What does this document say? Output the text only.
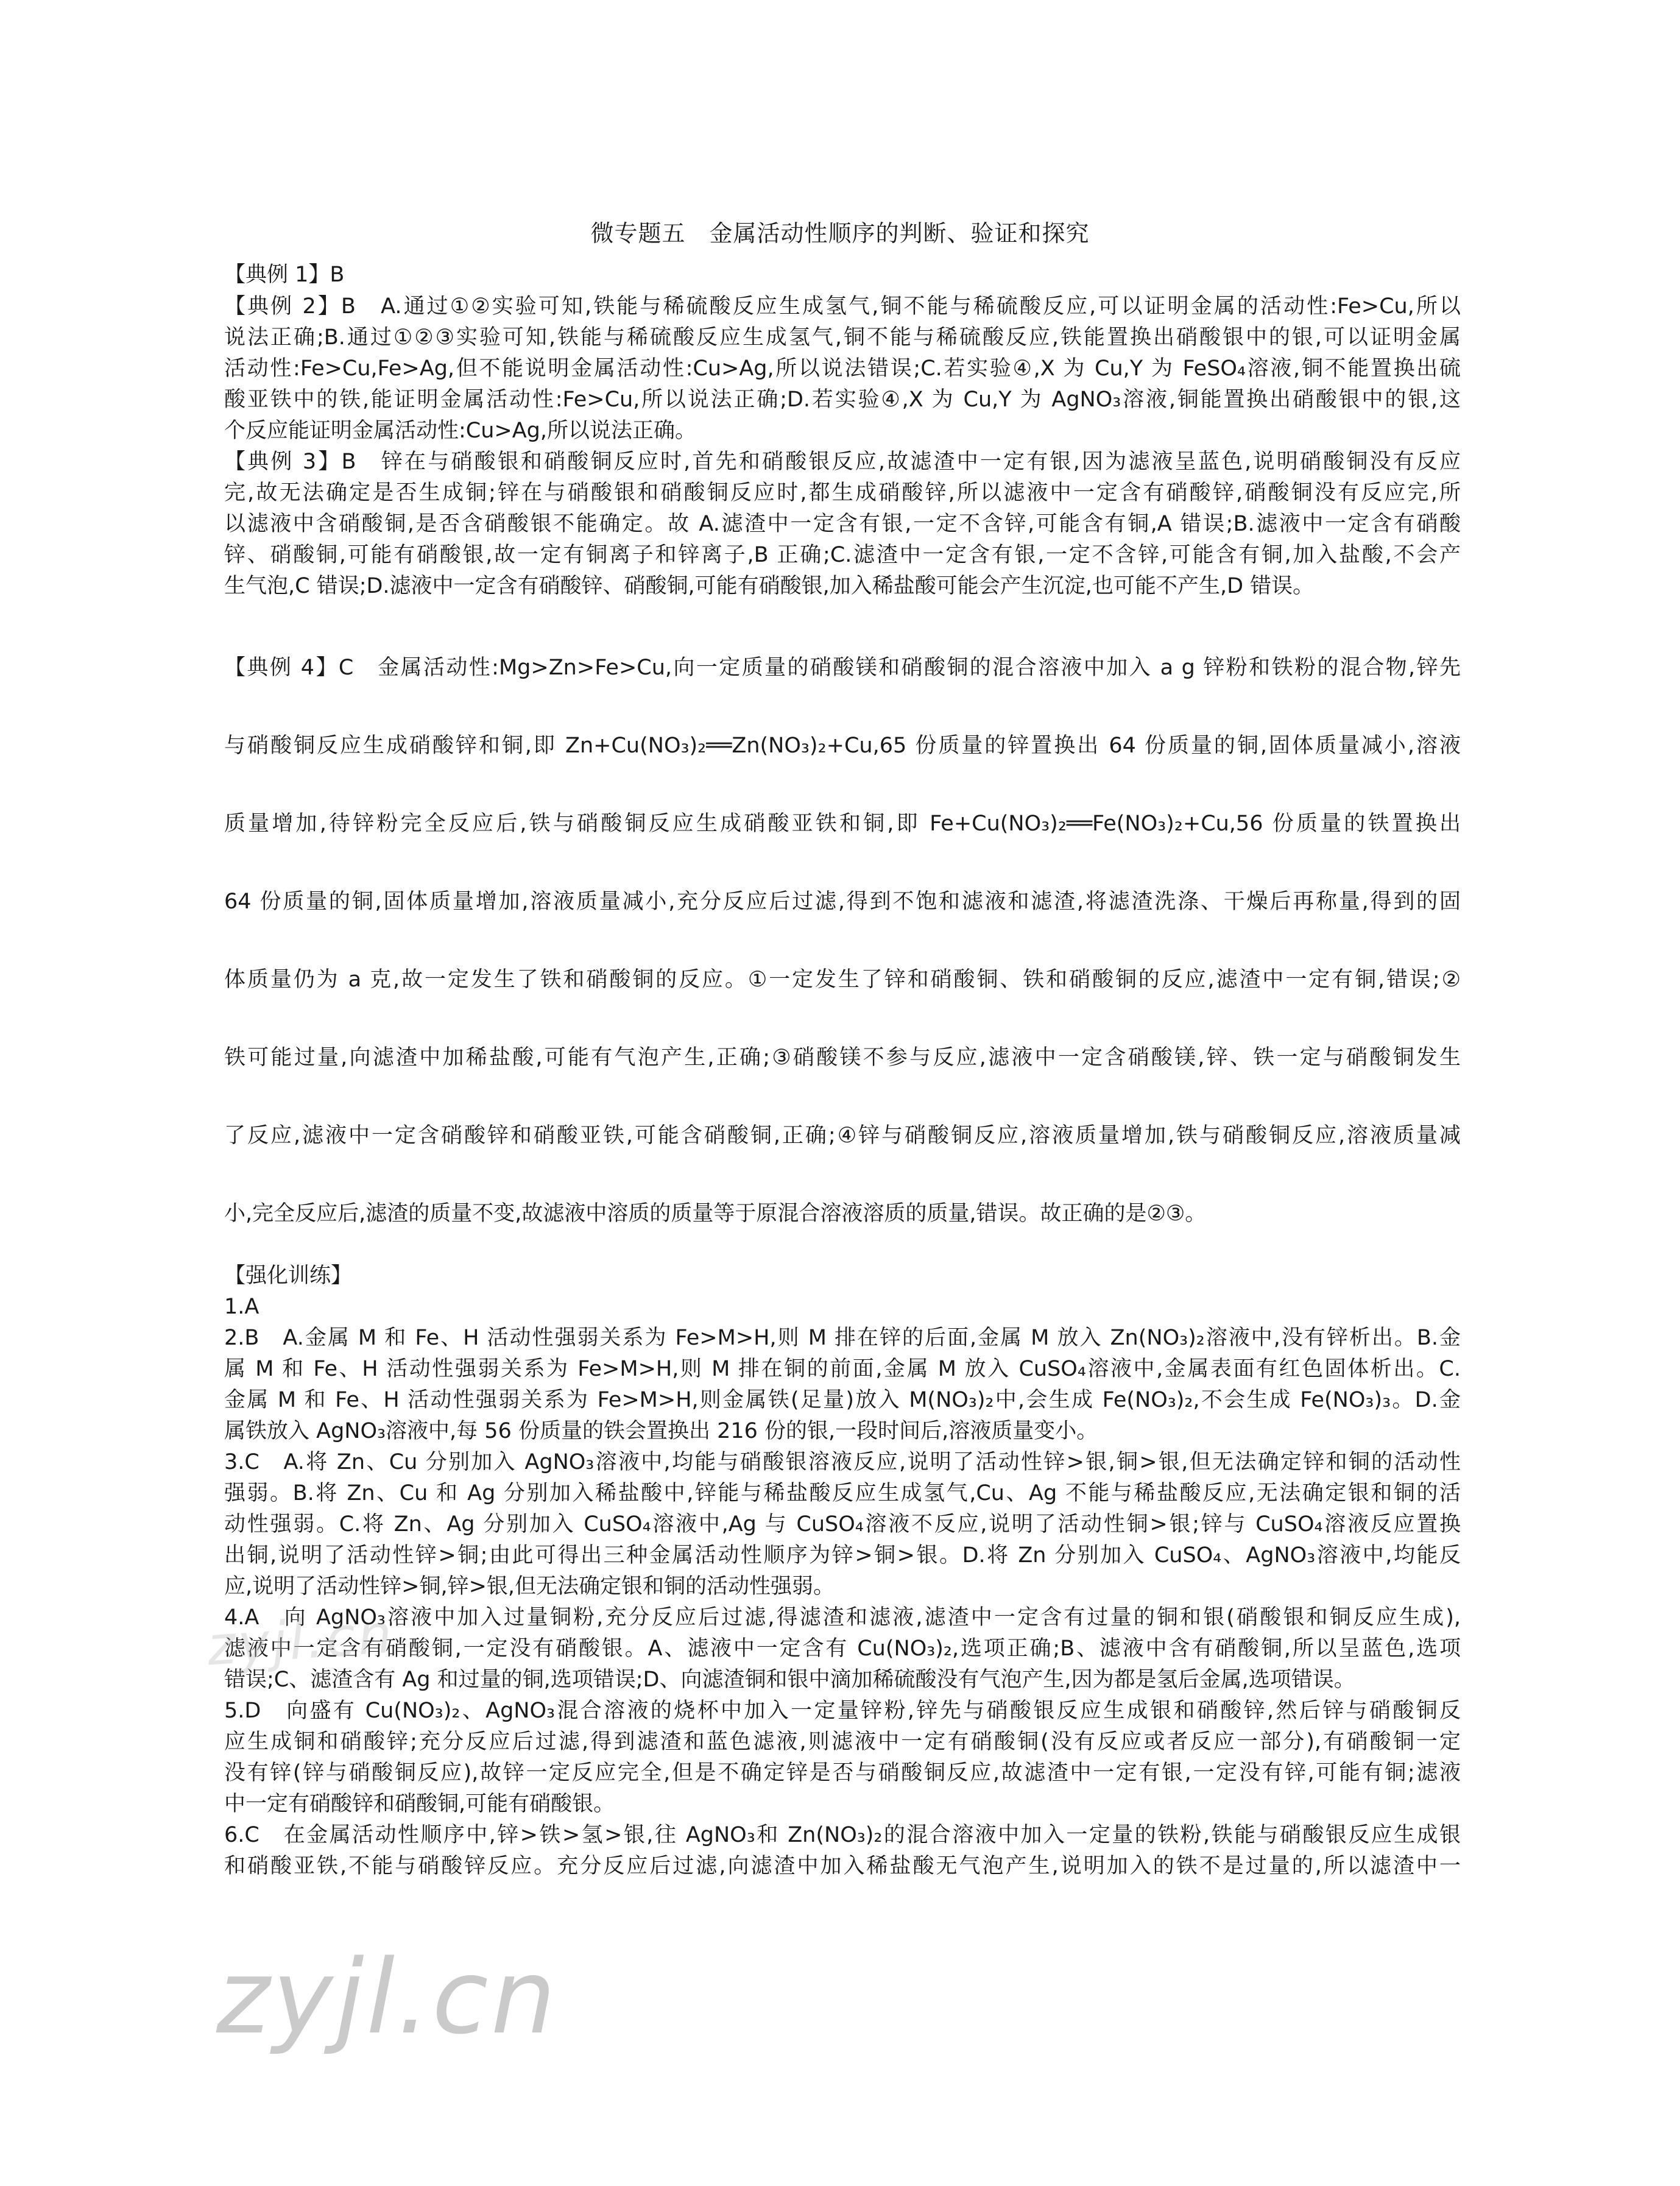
微专题五　金属活动性顺序的判断、验证和探究
【典例 1】B
【典例 2】B　A.通过①②实验可知,铁能与稀硫酸反应生成氢气,铜不能与稀硫酸反应,可以证明金属的活动性:Fe>Cu,所以
说法正确;B.通过①②③实验可知,铁能与稀硫酸反应生成氢气,铜不能与稀硫酸反应,铁能置换出硝酸银中的银,可以证明金属
活动性:Fe>Cu,Fe>Ag,但不能说明金属活动性:Cu>Ag,所以说法错误;C.若实验④,X 为 Cu,Y 为 FeSO₄溶液,铜不能置换出硫
酸亚铁中的铁,能证明金属活动性:Fe>Cu,所以说法正确;D.若实验④,X 为 Cu,Y 为 AgNO₃溶液,铜能置换出硝酸银中的银,这
个反应能证明金属活动性:Cu>Ag,所以说法正确。
【典例 3】B　锌在与硝酸银和硝酸铜反应时,首先和硝酸银反应,故滤渣中一定有银,因为滤液呈蓝色,说明硝酸铜没有反应
完,故无法确定是否生成铜;锌在与硝酸银和硝酸铜反应时,都生成硝酸锌,所以滤液中一定含有硝酸锌,硝酸铜没有反应完,所
以滤液中含硝酸铜,是否含硝酸银不能确定。故 A.滤渣中一定含有银,一定不含锌,可能含有铜,A 错误;B.滤液中一定含有硝酸
锌、硝酸铜,可能有硝酸银,故一定有铜离子和锌离子,B 正确;C.滤渣中一定含有银,一定不含锌,可能含有铜,加入盐酸,不会产
生气泡,C 错误;D.滤液中一定含有硝酸锌、硝酸铜,可能有硝酸银,加入稀盐酸可能会产生沉淀,也可能不产生,D 错误。
【典例 4】C　金属活动性:Mg>Zn>Fe>Cu,向一定质量的硝酸镁和硝酸铜的混合溶液中加入 a g 锌粉和铁粉的混合物,锌先
与硝酸铜反应生成硝酸锌和铜,即 Zn+Cu(NO₃)₂══Zn(NO₃)₂+Cu,65 份质量的锌置换出 64 份质量的铜,固体质量减小,溶液
质量增加,待锌粉完全反应后,铁与硝酸铜反应生成硝酸亚铁和铜,即 Fe+Cu(NO₃)₂══Fe(NO₃)₂+Cu,56 份质量的铁置换出
64 份质量的铜,固体质量增加,溶液质量减小,充分反应后过滤,得到不饱和滤液和滤渣,将滤渣洗涤、干燥后再称量,得到的固
体质量仍为 a 克,故一定发生了铁和硝酸铜的反应。①一定发生了锌和硝酸铜、铁和硝酸铜的反应,滤渣中一定有铜,错误;②
铁可能过量,向滤渣中加稀盐酸,可能有气泡产生,正确;③硝酸镁不参与反应,滤液中一定含硝酸镁,锌、铁一定与硝酸铜发生
了反应,滤液中一定含硝酸锌和硝酸亚铁,可能含硝酸铜,正确;④锌与硝酸铜反应,溶液质量增加,铁与硝酸铜反应,溶液质量减
小,完全反应后,滤渣的质量不变,故滤液中溶质的质量等于原混合溶液溶质的质量,错误。故正确的是②③。
【强化训练】
1.A
2.B　A.金属 M 和 Fe、H 活动性强弱关系为 Fe>M>H,则 M 排在锌的后面,金属 M 放入 Zn(NO₃)₂溶液中,没有锌析出。B.金
属 M 和 Fe、H 活动性强弱关系为 Fe>M>H,则 M 排在铜的前面,金属 M 放入 CuSO₄溶液中,金属表面有红色固体析出。C.
金属 M 和 Fe、H 活动性强弱关系为 Fe>M>H,则金属铁(足量)放入 M(NO₃)₂中,会生成 Fe(NO₃)₂,不会生成 Fe(NO₃)₃。D.金
属铁放入 AgNO₃溶液中,每 56 份质量的铁会置换出 216 份的银,一段时间后,溶液质量变小。
3.C　A.将 Zn、Cu 分别加入 AgNO₃溶液中,均能与硝酸银溶液反应,说明了活动性锌>银,铜>银,但无法确定锌和铜的活动性
强弱。B.将 Zn、Cu 和 Ag 分别加入稀盐酸中,锌能与稀盐酸反应生成氢气,Cu、Ag 不能与稀盐酸反应,无法确定银和铜的活
动性强弱。C.将 Zn、Ag 分别加入 CuSO₄溶液中,Ag 与 CuSO₄溶液不反应,说明了活动性铜>银;锌与 CuSO₄溶液反应置换
出铜,说明了活动性锌>铜;由此可得出三种金属活动性顺序为锌>铜>银。D.将 Zn 分别加入 CuSO₄、AgNO₃溶液中,均能反
应,说明了活动性锌>铜,锌>银,但无法确定银和铜的活动性强弱。
4.A　向 AgNO₃溶液中加入过量铜粉,充分反应后过滤,得滤渣和滤液,滤渣中一定含有过量的铜和银(硝酸银和铜反应生成),
滤液中一定含有硝酸铜,一定没有硝酸银。A、滤液中一定含有 Cu(NO₃)₂,选项正确;B、滤液中含有硝酸铜,所以呈蓝色,选项
错误;C、滤渣含有 Ag 和过量的铜,选项错误;D、向滤渣铜和银中滴加稀硫酸没有气泡产生,因为都是氢后金属,选项错误。
5.D　向盛有 Cu(NO₃)₂、AgNO₃混合溶液的烧杯中加入一定量锌粉,锌先与硝酸银反应生成银和硝酸锌,然后锌与硝酸铜反
应生成铜和硝酸锌;充分反应后过滤,得到滤渣和蓝色滤液,则滤液中一定有硝酸铜(没有反应或者反应一部分),有硝酸铜一定
没有锌(锌与硝酸铜反应),故锌一定反应完全,但是不确定锌是否与硝酸铜反应,故滤渣中一定有银,一定没有锌,可能有铜;滤液
中一定有硝酸锌和硝酸铜,可能有硝酸银。
6.C　在金属活动性顺序中,锌>铁>氢>银,往 AgNO₃和 Zn(NO₃)₂的混合溶液中加入一定量的铁粉,铁能与硝酸银反应生成银
和硝酸亚铁,不能与硝酸锌反应。充分反应后过滤,向滤渣中加入稀盐酸无气泡产生,说明加入的铁不是过量的,所以滤渣中一
zyjl.cn
zyjl.cn
